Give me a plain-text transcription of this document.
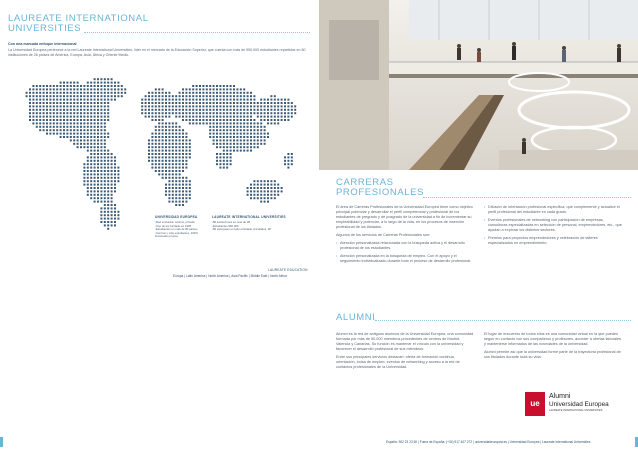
LAUREATE INTERNATIONAL
UNIVERSITIES
Con una marcada enfoque internacional
La Universidad Europea pertenece a la red Laureate International Universities, líder en el mercado de la Educación Superior, que cuenta con más de 950.000 estudiantes repartidos en 80 instituciones de 28 países de América, Europa, Asia, África y Oriente Medio.
UNIVERSIDAD EUROPEA
• Red exclusiva: turismo, privado
• Uno de los fundado en 1995
• Estudiantes en más de 80 países
• Centros y más estudiantes, 100% Doctorado propios
LAUREATE INTERNATIONAL UNIVERSITIES
• 80 instituciones en más de 28
• Estudiantes 950.000
• 80 campuses en todo el Estado vinculados, 28
LAUREATE EDUCATION
Europa|Latin America|North America|Asia Pacific|Middle East|North Africa
CARRERAS
PROFESIONALES

El área de Carreras Profesionales de la Universidad Europea tiene como objetivo principal potenciar y desarrollar el perfil competencial y profesional de los estudiantes de pregrado y de posgrado de la universidad a fin de incrementar su empleabilidad y potenciar, a lo largo de la vida, en los procesos de inserción profesional de los titulados.

Algunos de los servicios de Carreras Profesionales son:

• Atención personalizada relacionada con la búsqueda activa y el desarrollo profesional de los estudiantes.
• Atención personalizada en la búsqueda de empleo. Con el apoyo y el seguimiento individualizado durante todo el proceso de desarrollo profesional.
• Difusión de orientación profesional específica, que complemente y actualice el perfil profesional del estudiante en cada grado.
• Eventos profesionales de networking con participación de empresas, consultoras especializadas en selección de personal, emprendedores, etc., que ayudan a explorar los distintos sectores.
• Premios para proyectos emprendedores y celebración de talleres especializados en emprendimiento.
ALUMNI

Alumni es la red de antiguos alumnos de la Universidad Europea, una comunidad formada por más de 50.000 miembros procedentes de centros de Madrid, Valencia y Canarias. Su función es mantener el vínculo con la universidad y favorecer el desarrollo profesional de sus miembros.

Entre sus principales servicios destacan: oferta de formación continua, orientación, bolsa de empleo, eventos de networking y acceso a la red de contactos profesionales de la Universidad.

El lugar de encuentro de todos ellos es una comunidad virtual en la que pueden seguir en contacto con sus compañeros y profesores, acceder a ofertas laborales y mantenerse informados de las novedades de la universidad.

Alumni permite así que la universidad forme parte de la trayectoria profesional de sus titulados durante toda su vida.

ue
Alumni
Universidad Europea
LAUREATE INTERNATIONAL UNIVERSITIES
España: 902 23 23 50 | Fuera de España: (+34) 917 407 272 | universidadeuropea.es | Universidad Europea | Laureate International Universities
